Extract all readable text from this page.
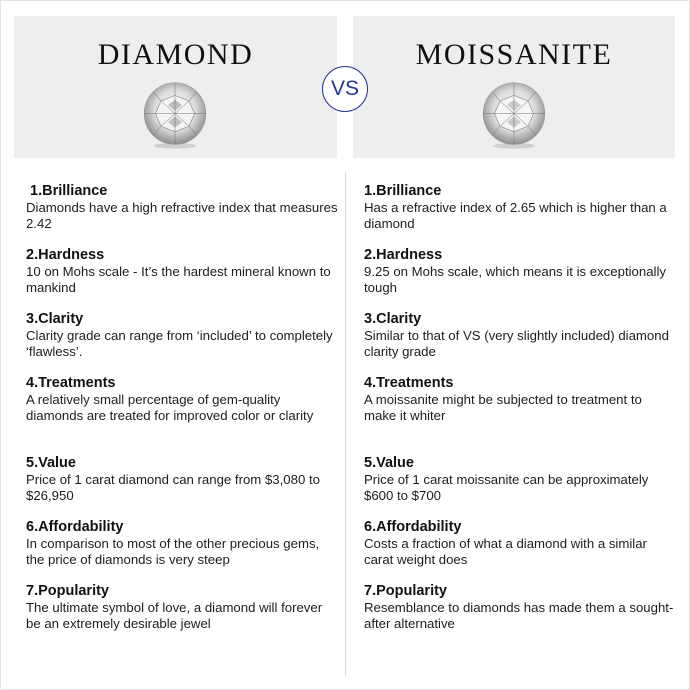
DIAMOND	MOISSANITE
VS
1.Brilliance
Diamonds have a high refractive index that measures 2.42
2.Hardness
10 on Mohs scale - It’s the hardest mineral known to mankind
3.Clarity
Clarity grade can range from ‘included’ to completely ‘flawless’.
4.Treatments
A relatively small percentage of gem-quality diamonds are treated for improved color or clarity
5.Value
Price of 1 carat diamond can range from $3,080 to $26,950
6.Affordability
In comparison to most of the other precious gems, the price of diamonds is very steep
7.Popularity
The ultimate symbol of love, a diamond will forever be an extremely desirable jewel
1.Brilliance
Has a refractive index of 2.65 which is higher than a diamond
2.Hardness
9.25 on Mohs scale, which means it is exceptionally tough
3.Clarity
Similar to that of VS (very slightly included) diamond clarity grade
4.Treatments
A moissanite might be subjected to treatment to make it whiter
5.Value
Price of 1 carat moissanite can be approximately $600 to $700
6.Affordability
Costs a fraction of what a diamond with a similar carat weight does
7.Popularity
Resemblance to diamonds has made them a sought-after alternative
